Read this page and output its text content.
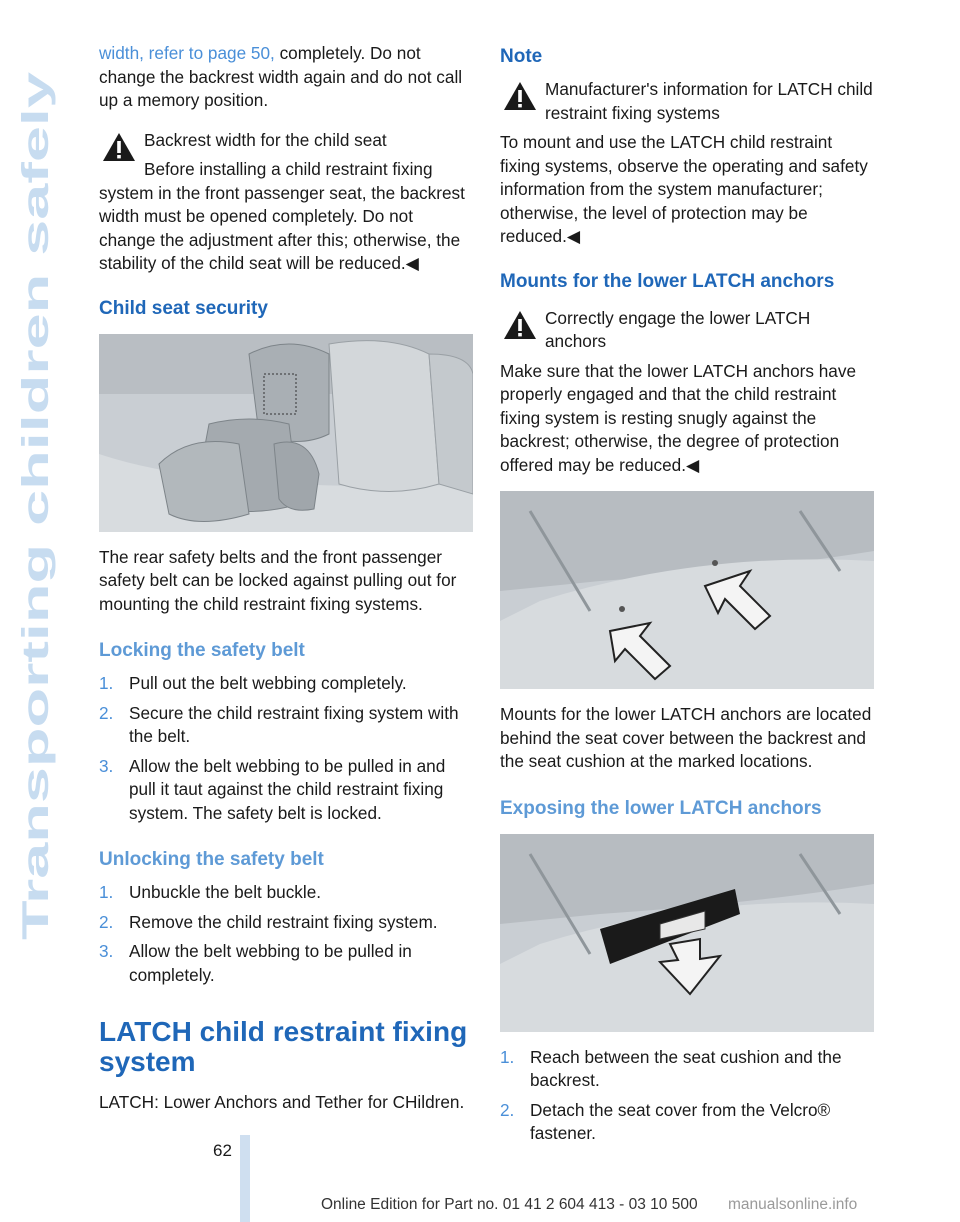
Transporting children safely

width, refer to page 50, completely. Do not change the backrest width again and do not call up a memory position.

Backrest width for the child seat

Before installing a child restraint fixing

system in the front passenger seat, the backrest width must be opened completely. Do not change the adjustment after this; otherwise, the stability of the child seat will be reduced.◀

Child seat security

The rear safety belts and the front passenger safety belt can be locked against pulling out for mounting the child restraint fixing systems.

Locking the safety belt
1. Pull out the belt webbing completely.
2. Secure the child restraint fixing system with the belt.
3. Allow the belt webbing to be pulled in and pull it taut against the child restraint fixing system. The safety belt is locked.
Unlocking the safety belt
1. Unbuckle the belt buckle.
2. Remove the child restraint fixing system.
3. Allow the belt webbing to be pulled in completely.
LATCH child restraint fixing system

LATCH: Lower Anchors and Tether for CHildren.

Note

Manufacturer's information for LATCH child restraint fixing systems

To mount and use the LATCH child restraint fixing systems, observe the operating and safety information from the system manufacturer; otherwise, the level of protection may be reduced.◀

Mounts for the lower LATCH anchors

Correctly engage the lower LATCH anchors

Make sure that the lower LATCH anchors have properly engaged and that the child restraint fixing system is resting snugly against the backrest; otherwise, the degree of protection offered may be reduced.◀

Mounts for the lower LATCH anchors are located behind the seat cover between the backrest and the seat cushion at the marked locations.

Exposing the lower LATCH anchors
1. Reach between the seat cushion and the backrest.
2. Detach the seat cover from the Velcro® fastener.
62
Online Edition for Part no. 01 41 2 604 413 - 03 10 500 manualsonline.info
